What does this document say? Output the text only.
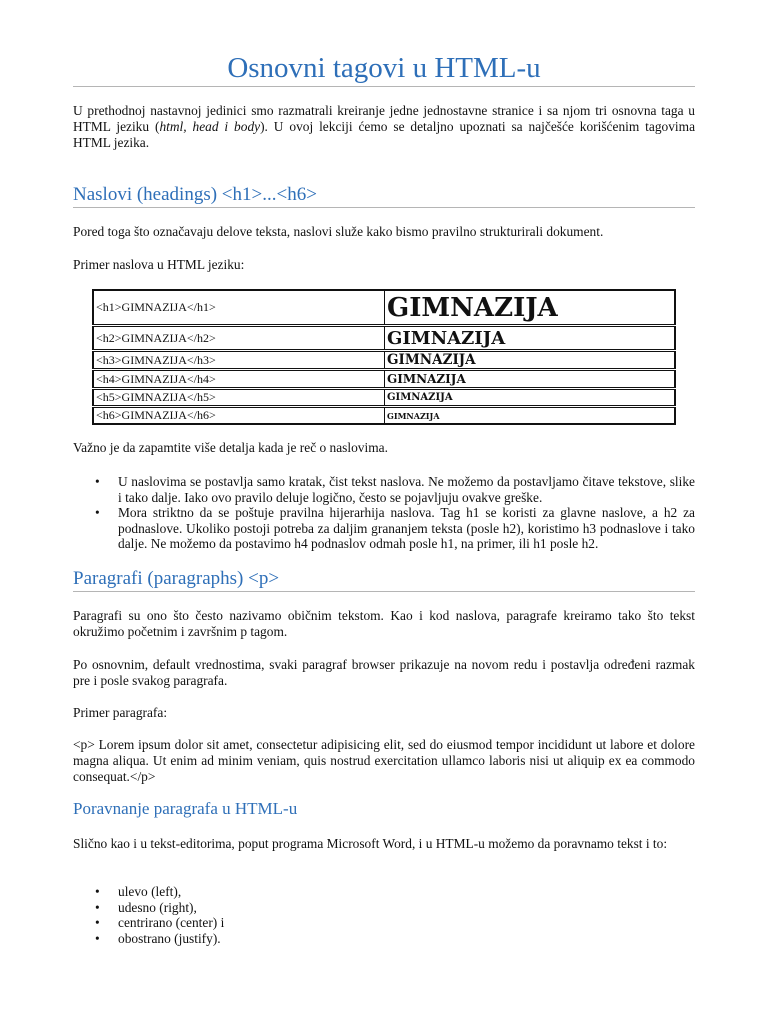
Osnovni tagovi u HTML-u

U prethodnoj nastavnoj jedinici smo razmatrali kreiranje jedne jednostavne stranice i sa njom tri osnovna taga u HTML jeziku (html, head i body). U ovoj lekciji ćemo se detaljno upoznati sa najčešće korišćenim tagovima HTML jezika.

Naslovi (headings) <h1>...<h6>

Pored toga što označavaju delove teksta, naslovi služe kako bismo pravilno strukturirali dokument.

Primer naslova u HTML jeziku:

<h1>GIMNAZIJA</h1>	GIMNAZIJA
<h2>GIMNAZIJA</h2>	GIMNAZIJA
<h3>GIMNAZIJA</h3>	GIMNAZIJA
<h4>GIMNAZIJA</h4>	GIMNAZIJA
<h5>GIMNAZIJA</h5>	GIMNAZIJA
<h6>GIMNAZIJA</h6>	GIMNAZIJA

Važno je da zapamtite više detalja kada je reč o naslovima.

• U naslovima se postavlja samo kratak, čist tekst naslova. Ne možemo da postavljamo čitave tekstove, slike i tako dalje. Iako ovo pravilo deluje logično, često se pojavljuju ovakve greške.
• Mora striktno da se poštuje pravilna hijerarhija naslova. Tag h1 se koristi za glavne naslove, a h2 za podnaslove. Ukoliko postoji potreba za daljim grananjem teksta (posle h2), koristimo h3 podnaslove i tako dalje. Ne možemo da postavimo h4 podnaslov odmah posle h1, na primer, ili h1 posle h2.
Paragrafi (paragraphs) <p>

Paragrafi su ono što često nazivamo običnim tekstom. Kao i kod naslova, paragrafe kreiramo tako što tekst okružimo početnim i završnim p tagom.

Po osnovnim, default vrednostima, svaki paragraf browser prikazuje na novom redu i postavlja određeni razmak pre i posle svakog paragrafa.

Primer paragrafa:

<p> Lorem ipsum dolor sit amet, consectetur adipisicing elit, sed do eiusmod tempor incididunt ut labore et dolore magna aliqua. Ut enim ad minim veniam, quis nostrud exercitation ullamco laboris nisi ut aliquip ex ea commodo consequat.</p>

Poravnanje paragrafa u HTML-u

Slično kao i u tekst-editorima, poput programa Microsoft Word, i u HTML-u možemo da poravnamo tekst i to:

• ulevo (left),
• udesno (right),
• centrirano (center) i
• obostrano (justify).
